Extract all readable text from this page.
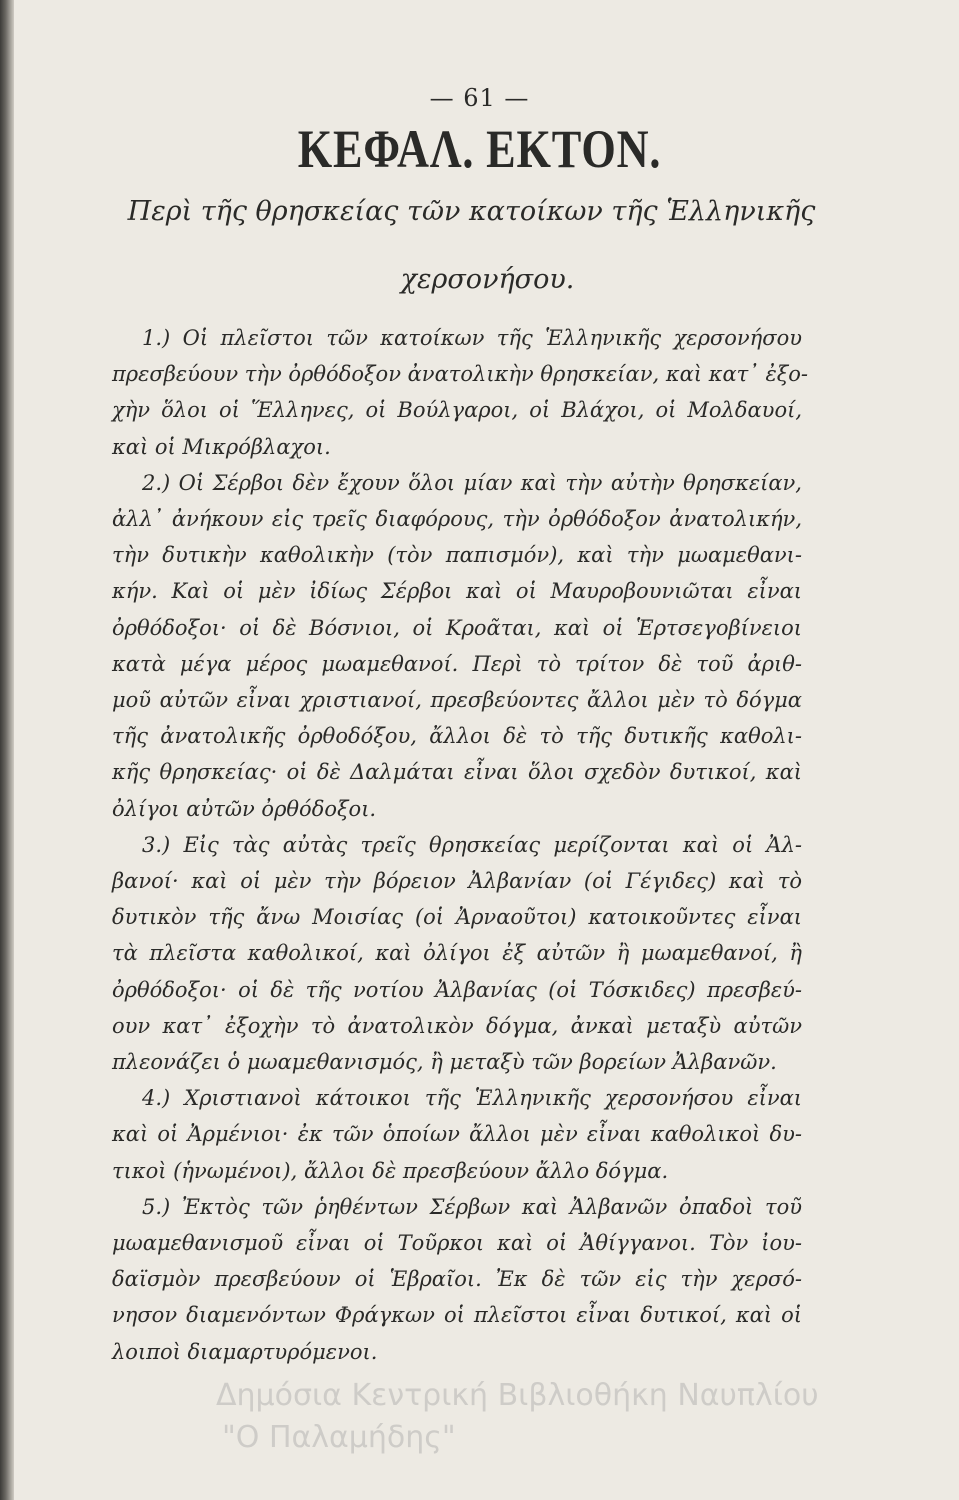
— 61 —
ΚΕΦΑΛ. ΕΚΤΟΝ.
Περὶ τῆς θρησκείας τῶν κατοίκων τῆς Ἑλληνικῆς
χερσονήσου.
1.) Οἱ πλεῖστοι τῶν κατοίκων τῆς Ἑλληνικῆς χερσονήσου
πρεσβεύουν τὴν ὀρθόδοξον ἀνατολικὴν θρησκείαν, καὶ κατ᾽ ἐξο-
χὴν ὅλοι οἱ Ἕλληνες, οἱ Βούλγαροι, οἱ Βλάχοι, οἱ Μολδαυοί,
καὶ οἱ Μικρόβλαχοι.
2.) Οἱ Σέρβοι δὲν ἔχουν ὅλοι μίαν καὶ τὴν αὐτὴν θρησκείαν,
ἀλλ᾽ ἀνήκουν εἰς τρεῖς διαφόρους, τὴν ὀρθόδοξον ἀνατολικήν,
τὴν δυτικὴν καθολικὴν (τὸν παπισμόν), καὶ τὴν μωαμεθανι-
κήν. Καὶ οἱ μὲν ἰδίως Σέρβοι καὶ οἱ Μαυροβουνιῶται εἶναι
ὀρθόδοξοι· οἱ δὲ Βόσνιοι, οἱ Κροᾶται, καὶ οἱ Ἑρτσεγοβίνειοι
κατὰ μέγα μέρος μωαμεθανοί. Περὶ τὸ τρίτον δὲ τοῦ ἀριθ-
μοῦ αὐτῶν εἶναι χριστιανοί, πρεσβεύοντες ἄλλοι μὲν τὸ δόγμα
τῆς ἀνατολικῆς ὀρθοδόξου, ἄλλοι δὲ τὸ τῆς δυτικῆς καθολι-
κῆς θρησκείας· οἱ δὲ Δαλμάται εἶναι ὅλοι σχεδὸν δυτικοί, καὶ
ὀλίγοι αὐτῶν ὀρθόδοξοι.
3.) Εἰς τὰς αὐτὰς τρεῖς θρησκείας μερίζονται καὶ οἱ Ἀλ-
βανοί· καὶ οἱ μὲν τὴν βόρειον Ἀλβανίαν (οἱ Γέγιδες) καὶ τὸ
δυτικὸν τῆς ἄνω Μοισίας (οἱ Ἀρναοῦτοι) κατοικοῦντες εἶναι
τὰ πλεῖστα καθολικοί, καὶ ὀλίγοι ἐξ αὐτῶν ἢ μωαμεθανοί, ἢ
ὀρθόδοξοι· οἱ δὲ τῆς νοτίου Ἀλβανίας (οἱ Τόσκιδες) πρεσβεύ-
ουν κατ᾽ ἐξοχὴν τὸ ἀνατολικὸν δόγμα, ἀνκαὶ μεταξὺ αὐτῶν
πλεονάζει ὁ μωαμεθανισμός, ἢ μεταξὺ τῶν βορείων Ἀλβανῶν.
4.) Χριστιανοὶ κάτοικοι τῆς Ἑλληνικῆς χερσονήσου εἶναι
καὶ οἱ Ἀρμένιοι· ἐκ τῶν ὁποίων ἄλλοι μὲν εἶναι καθολικοὶ δυ-
τικοὶ (ἡνωμένοι), ἄλλοι δὲ πρεσβεύουν ἄλλο δόγμα.
5.) Ἐκτὸς τῶν ῥηθέντων Σέρβων καὶ Ἀλβανῶν ὀπαδοὶ τοῦ
μωαμεθανισμοῦ εἶναι οἱ Τοῦρκοι καὶ οἱ Ἀθίγγανοι. Τὸν ἰου-
δαϊσμὸν πρεσβεύουν οἱ Ἑβραῖοι. Ἐκ δὲ τῶν εἰς τὴν χερσό-
νησον διαμενόντων Φράγκων οἱ πλεῖστοι εἶναι δυτικοί, καὶ οἱ
λοιποὶ διαμαρτυρόμενοι.
Δημόσια Κεντρική Βιβλιοθήκη Ναυπλίου
"Ο Παλαμήδης"
